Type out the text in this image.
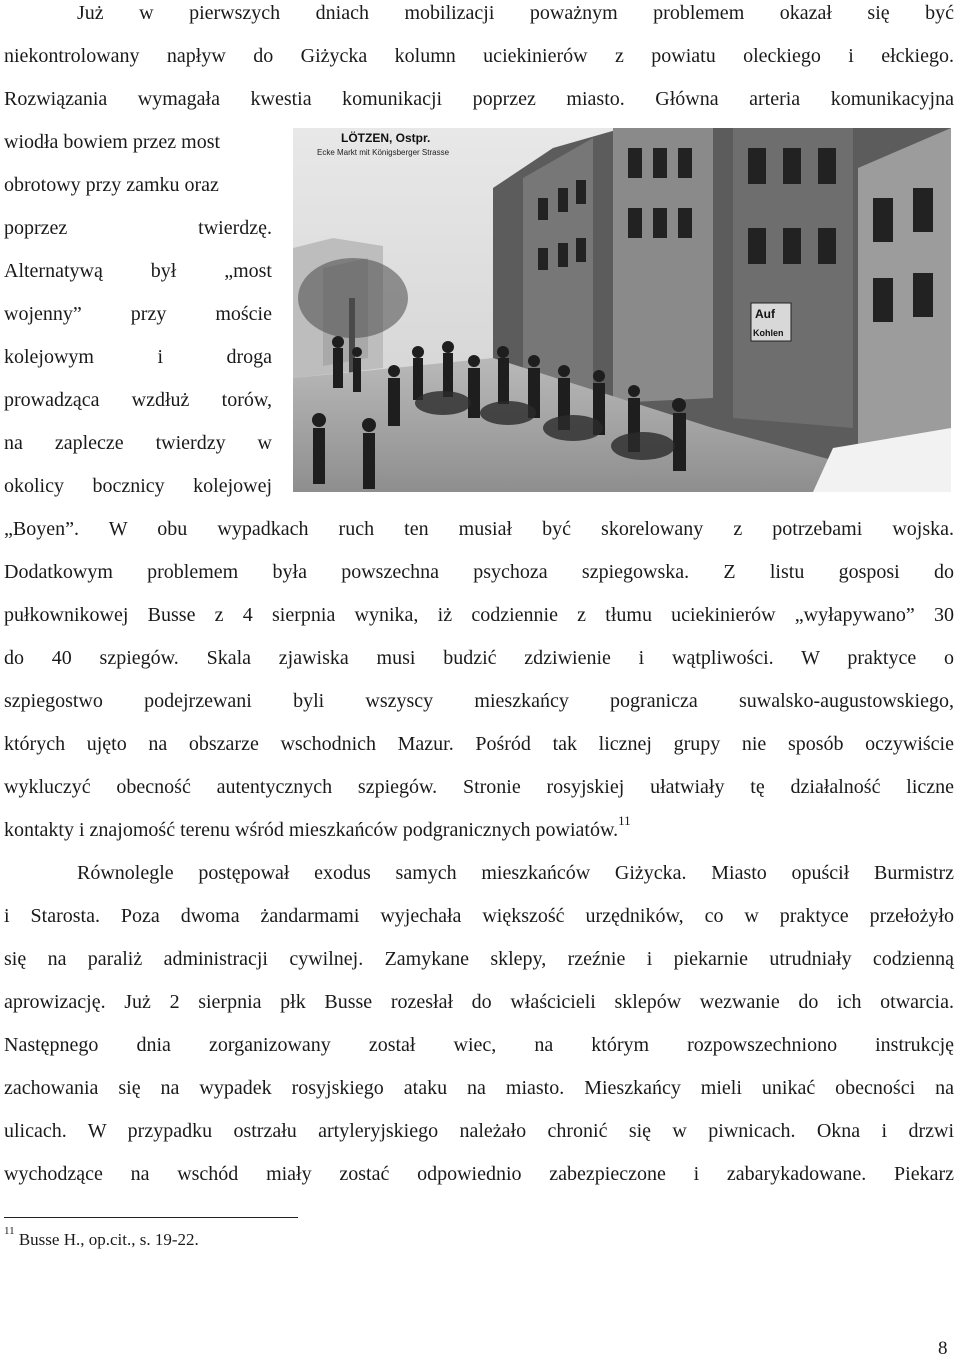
Już w pierwszych dniach mobilizacji poważnym problemem okazał się być
niekontrolowany napływ do Giżycka kolumn uciekinierów z powiatu oleckiego i ełckiego.
Rozwiązania wymagała kwestia komunikacji poprzez miasto. Główna arteria komunikacyjna
wiodła bowiem przez most
obrotowy przy zamku oraz
poprzez twierdzę.
Alternatywą był „most
wojenny” przy moście
kolejowym i droga
prowadząca wzdłuż torów,
na zaplecze twierdzy w
okolicy bocznicy kolejowej
„Boyen”. W obu wypadkach ruch ten musiał być skorelowany z potrzebami wojska.
Dodatkowym problemem była powszechna psychoza szpiegowska. Z listu gosposi do
pułkownikowej Busse z 4 sierpnia wynika, iż codziennie z tłumu uciekinierów „wyłapywano” 30
do 40 szpiegów. Skala zjawiska musi budzić zdziwienie i wątpliwości. W praktyce o
szpiegostwo podejrzewani byli wszyscy mieszkańcy pogranicza suwalsko-augustowskiego,
których ujęto na obszarze wschodnich Mazur. Pośród tak licznej grupy nie sposób oczywiście
wykluczyć obecność autentycznych szpiegów. Stronie rosyjskiej ułatwiały tę działalność liczne
kontakty i znajomość terenu wśród mieszkańców podgranicznych powiatów.$^{11}$
Równolegle postępował exodus samych mieszkańców Giżycka. Miasto opuścił Burmistrz
i Starosta. Poza dwoma żandarmami wyjechała większość urzędników, co w praktyce przełożyło
się na paraliż administracji cywilnej. Zamykane sklepy, rzeźnie i piekarnie utrudniały codzienną
aprowizację. Już 2 sierpnia płk Busse rozesłał do właścicieli sklepów wezwanie do ich otwarcia.
Następnego dnia zorganizowany został wiec, na którym rozpowszechniono instrukcję
zachowania się na wypadek rosyjskiego ataku na miasto. Mieszkańcy mieli unikać obecności na
ulicach. W przypadku ostrzału artyleryjskiego należało chronić się w piwnicach. Okna i drzwi
wychodzące na wschód miały zostać odpowiednio zabezpieczone i zabarykadowane. Piekarz
Auf
Kohlen
LÖTZEN, Ostpr.
Ecke Markt mit Königsberger Strasse
$^{11}$ Busse H., op.cit., s. 19-22.
8
